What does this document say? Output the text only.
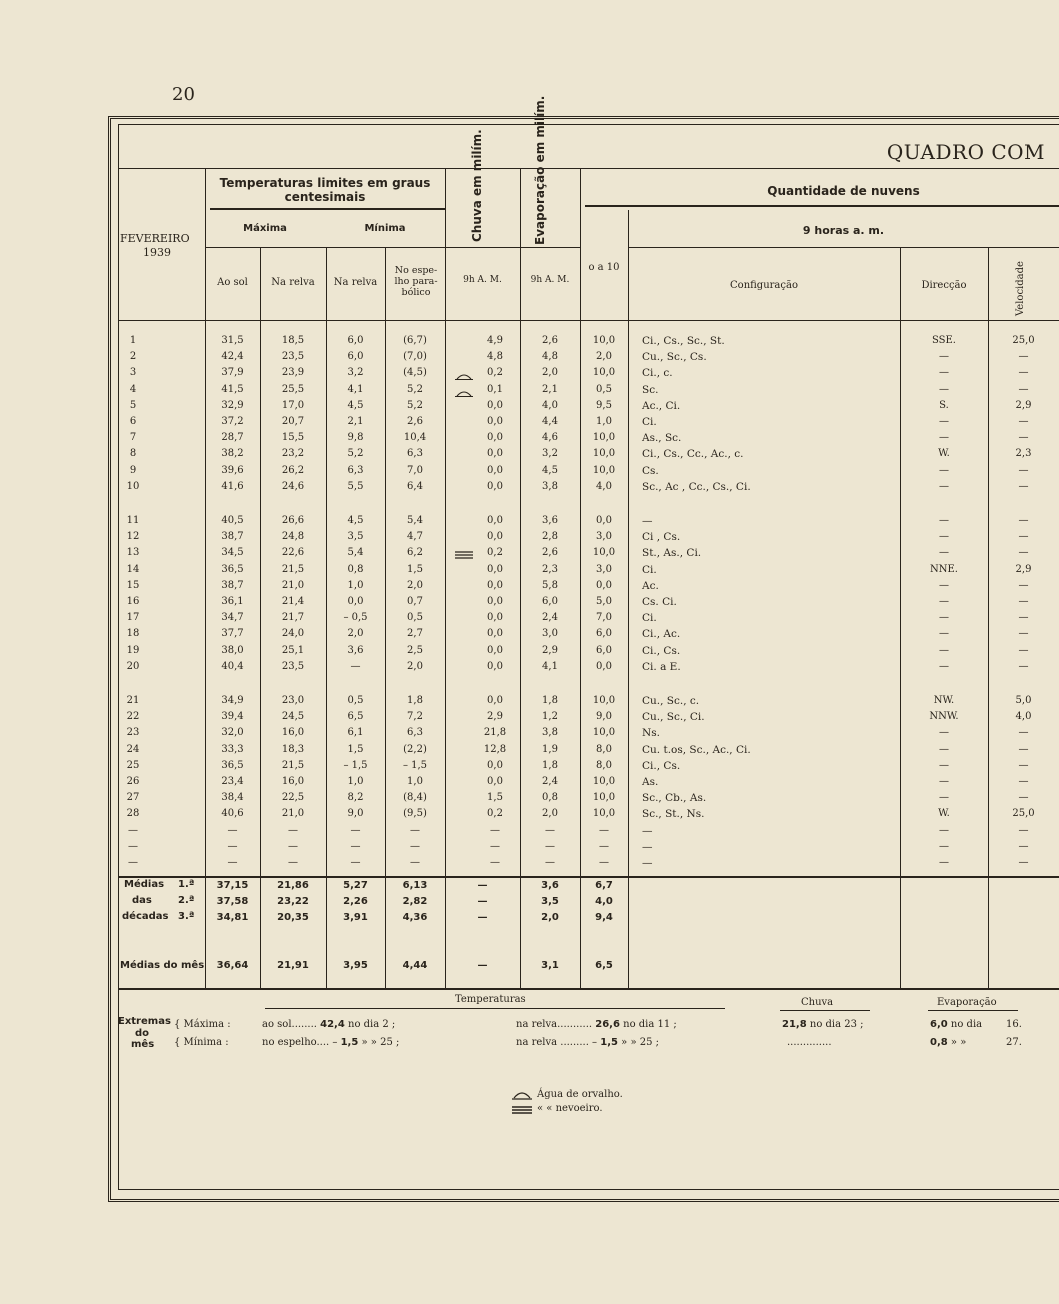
20
QUADRO COM
FEVEREIRO
1939
Temperaturas limites em graus centesimais
Máxima	Mínima
Ao sol	Na relva	Na relva
No espe-lho para-bólico
Chuva em milím.	Evaporação em milím.
9h A. M.	9h A. M.
Quantidade de nuvens
9 horas a. m.
o a 10
Configuração	Direcção	Velocidade
1	31,5	18,5	6,0	(6,7)	4,9	2,6	10,0	Ci., Cs., Sc., St.	SSE.	25,0
2	42,4	23,5	6,0	(7,0)	4,8	4,8	2,0	Cu., Sc., Cs.	—	—
3	37,9	23,9	3,2	(4,5)	0,2	2,0	10,0	Ci., c.	—	—
4	41,5	25,5	4,1	5,2	0,1	2,1	0,5	Sc.	—	—
5	32,9	17,0	4,5	5,2	0,0	4,0	9,5	Ac., Ci.	S.	2,9
6	37,2	20,7	2,1	2,6	0,0	4,4	1,0	Ci.	—	—
7	28,7	15,5	9,8	10,4	0,0	4,6	10,0	As., Sc.	—	—
8	38,2	23,2	5,2	6,3	0,0	3,2	10,0	Ci., Cs., Cc., Ac., c.	W.	2,3
9	39,6	26,2	6,3	7,0	0,0	4,5	10,0	Cs.	—	—
10	41,6	24,6	5,5	6,4	0,0	3,8	4,0	Sc., Ac , Cc., Cs., Ci.	—	—
11	40,5	26,6	4,5	5,4	0,0	3,6	0,0	—	—	—
12	38,7	24,8	3,5	4,7	0,0	2,8	3,0	Ci , Cs.	—	—
13	34,5	22,6	5,4	6,2	0,2	2,6	10,0	St., As., Ci.	—	—
14	36,5	21,5	0,8	1,5	0,0	2,3	3,0	Ci.	NNE.	2,9
15	38,7	21,0	1,0	2,0	0,0	5,8	0,0	Ac.	—	—
16	36,1	21,4	0,0	0,7	0,0	6,0	5,0	Cs. Ci.	—	—
17	34,7	21,7	– 0,5	0,5	0,0	2,4	7,0	Ci.	—	—
18	37,7	24,0	2,0	2,7	0,0	3,0	6,0	Ci., Ac.	—	—
19	38,0	25,1	3,6	2,5	0,0	2,9	6,0	Ci., Cs.	—	—
20	40,4	23,5	—	2,0	0,0	4,1	0,0	Ci. a E.	—	—
21	34,9	23,0	0,5	1,8	0,0	1,8	10,0	Cu., Sc., c.	NW.	5,0
22	39,4	24,5	6,5	7,2	2,9	1,2	9,0	Cu., Sc., Ci.	NNW.	4,0
23	32,0	16,0	6,1	6,3	21,8	3,8	10,0	Ns.	—	—
24	33,3	18,3	1,5	(2,2)	12,8	1,9	8,0	Cu. t.os, Sc., Ac., Ci.	—	—
25	36,5	21,5	– 1,5	– 1,5	0,0	1,8	8,0	Ci., Cs.	—	—
26	23,4	16,0	1,0	1,0	0,0	2,4	10,0	As.	—	—
27	38,4	22,5	8,2	(8,4)	1,5	0,8	10,0	Sc., Cb., As.	—	—
28	40,6	21,0	9,0	(9,5)	0,2	2,0	10,0	Sc., St., Ns.	W.	25,0
—	—	—	—	—	—	—	—	—	—	—
—	—	—	—	—	—	—	—	—	—	—
—	—	—	—	—	—	—	—	—	—	—
Médias
das
décadas
1.ª
2.ª
3.ª
Médias do mês
37,15	21,86	5,27	6,13	—	3,6	6,7
37,58	23,22	2,26	2,82	—	3,5	4,0
34,81	20,35	3,91	4,36	—	2,0	9,4
36,64	21,91	3,95	4,44	—	3,1	6,5
Extremas
do
mês
Temperaturas	Chuva	Evaporação
{ Máxima :
{ Mínima :
ao sol........ 42,4 no dia 2 ;	na relva........... 26,6 no dia 11 ;	21,8 no dia 23 ;	6,0 no dia 16.
no espelho.... – 1,5 » » 25 ;	na relva ......... – 1,5 » » 25 ;	..............	0,8 » »	27.
Água de orvalho.
« « nevoeiro.
